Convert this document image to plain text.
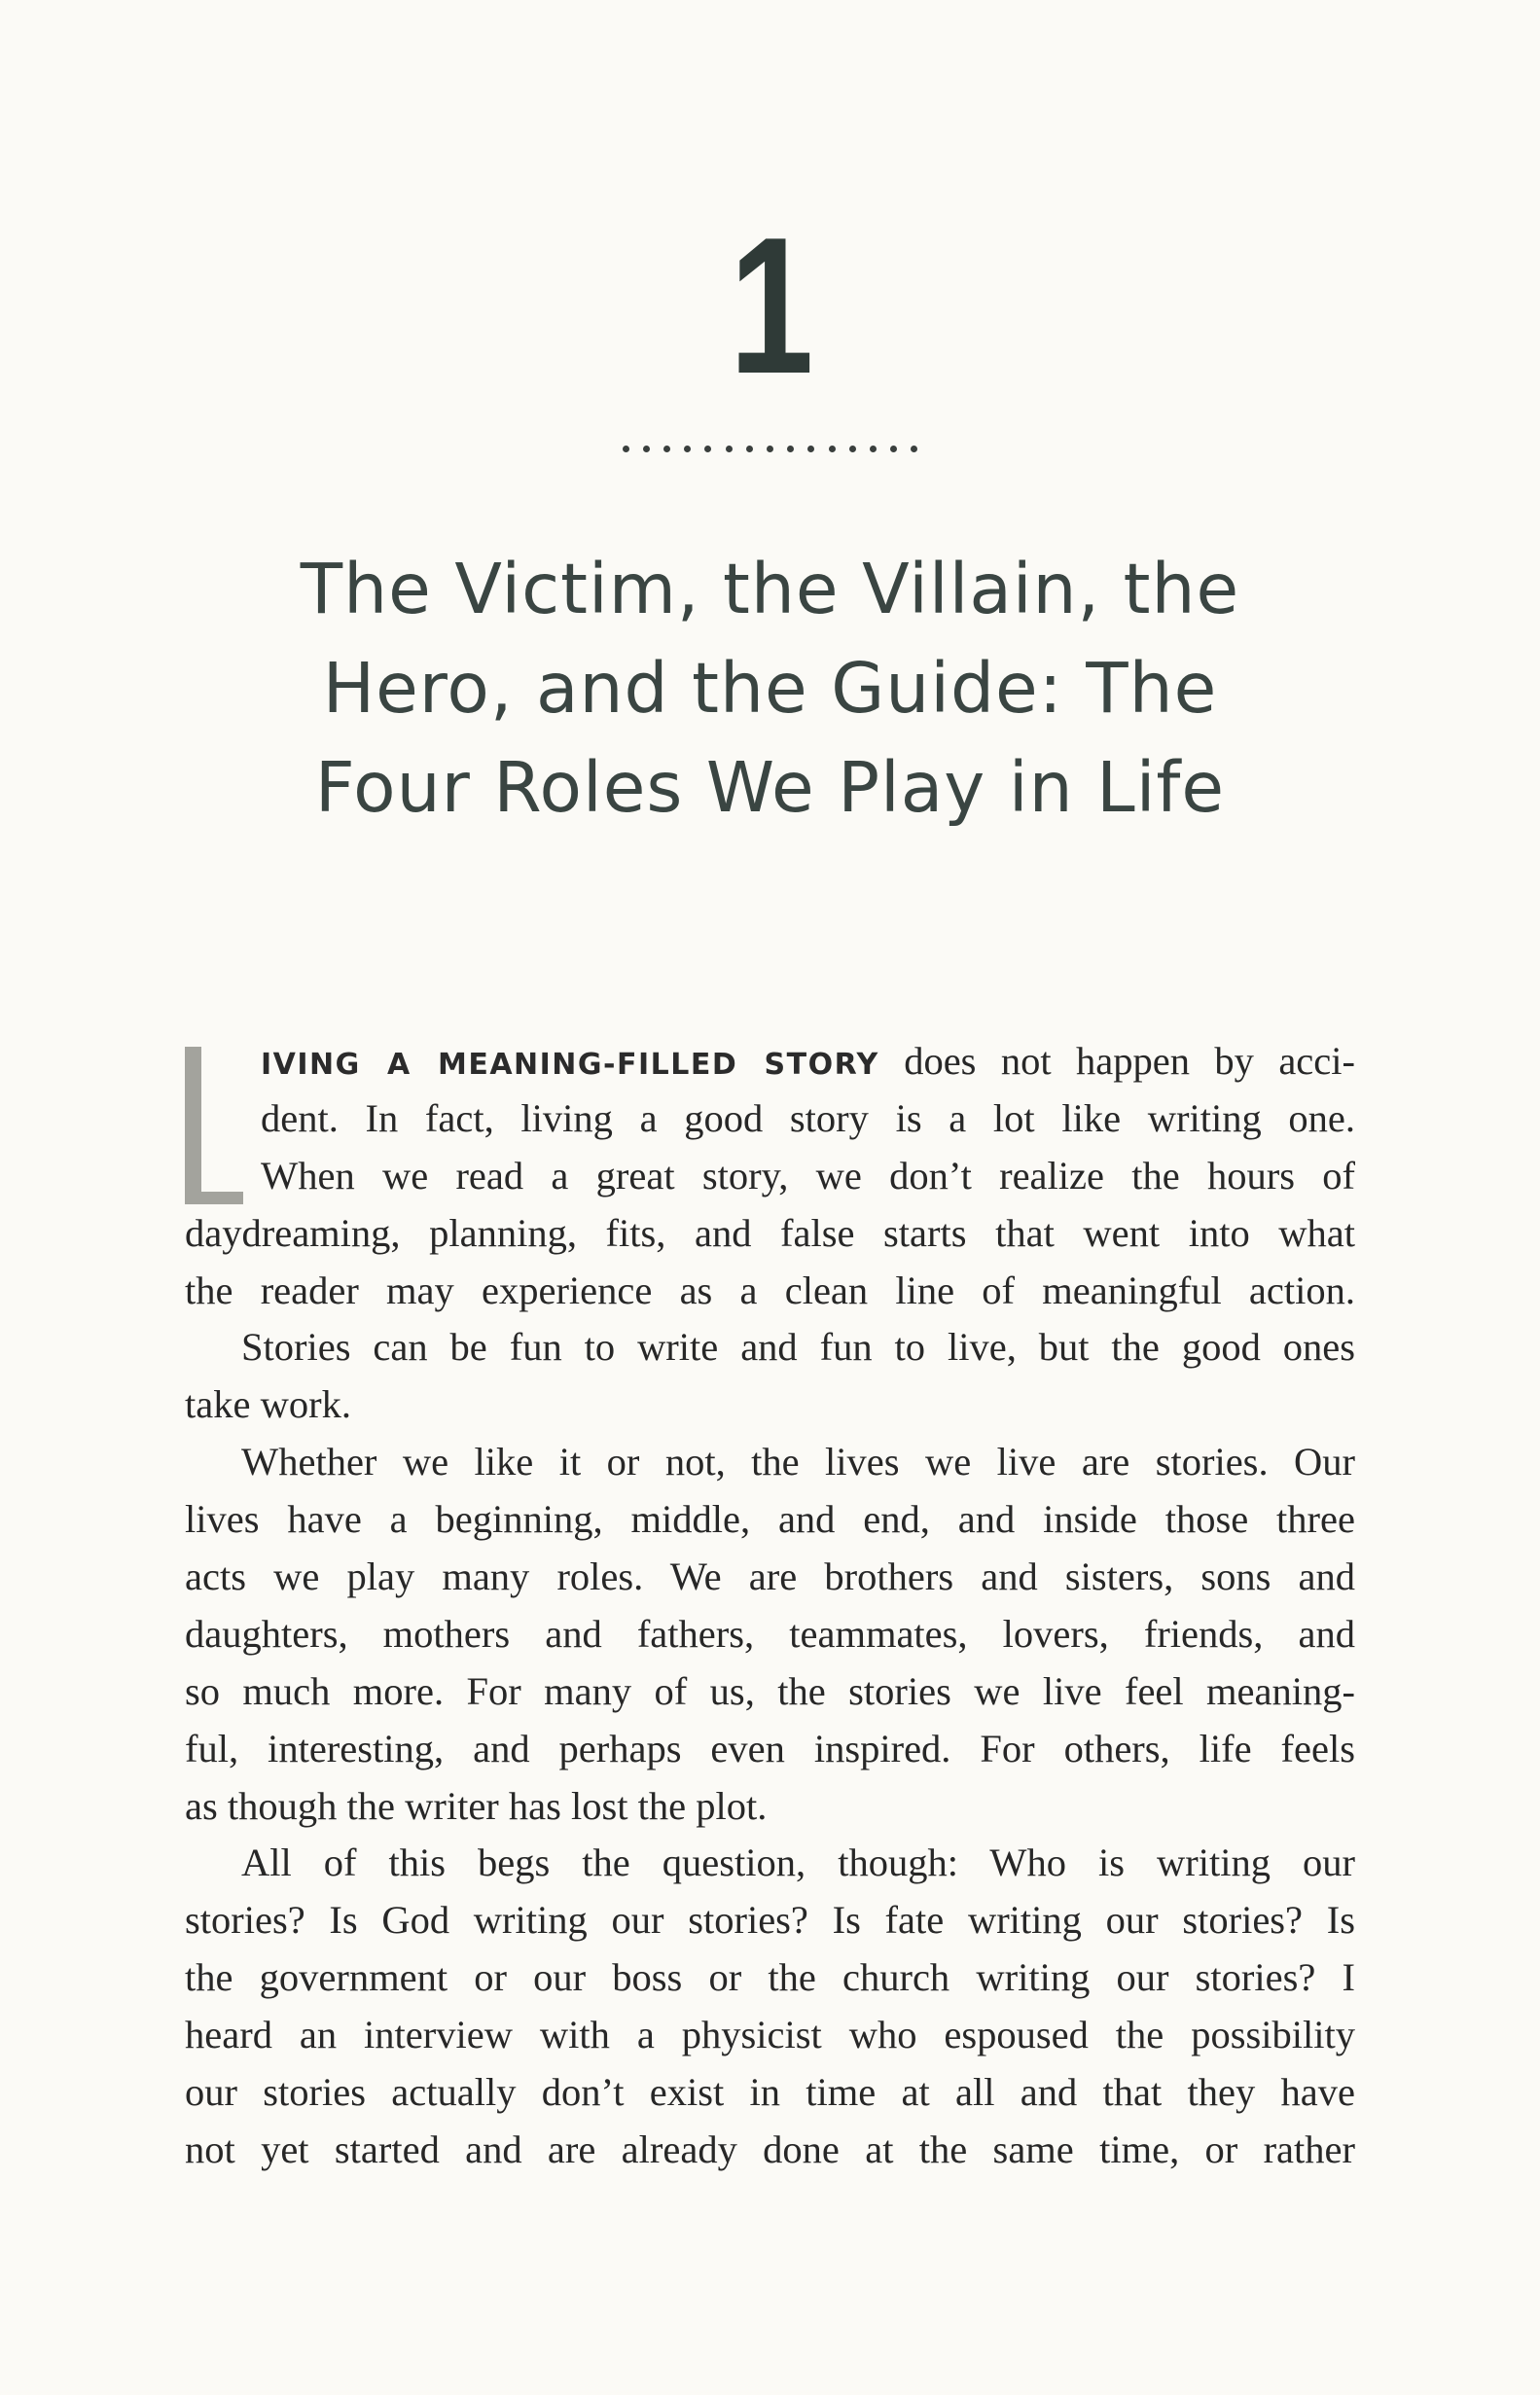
1
The Victim, the Villain, the
Hero, and the Guide: The
Four Roles We Play in Life
IVING A MEANING-FILLED STORY does not happen by acci-
dent. In fact, living a good story is a lot like writing one.
When we read a great story, we don’t realize the hours of
daydreaming, planning, fits, and false starts that went into what
the reader may experience as a clean line of meaningful action.
Stories can be fun to write and fun to live, but the good ones
take work.
Whether we like it or not, the lives we live are stories. Our
lives have a beginning, middle, and end, and inside those three
acts we play many roles. We are brothers and sisters, sons and
daughters, mothers and fathers, teammates, lovers, friends, and
so much more. For many of us, the stories we live feel meaning-
ful, interesting, and perhaps even inspired. For others, life feels
as though the writer has lost the plot.
All of this begs the question, though: Who is writing our
stories? Is God writing our stories? Is fate writing our stories? Is
the government or our boss or the church writing our stories? I
heard an interview with a physicist who espoused the possibility
our stories actually don’t exist in time at all and that they have
not yet started and are already done at the same time, or rather
